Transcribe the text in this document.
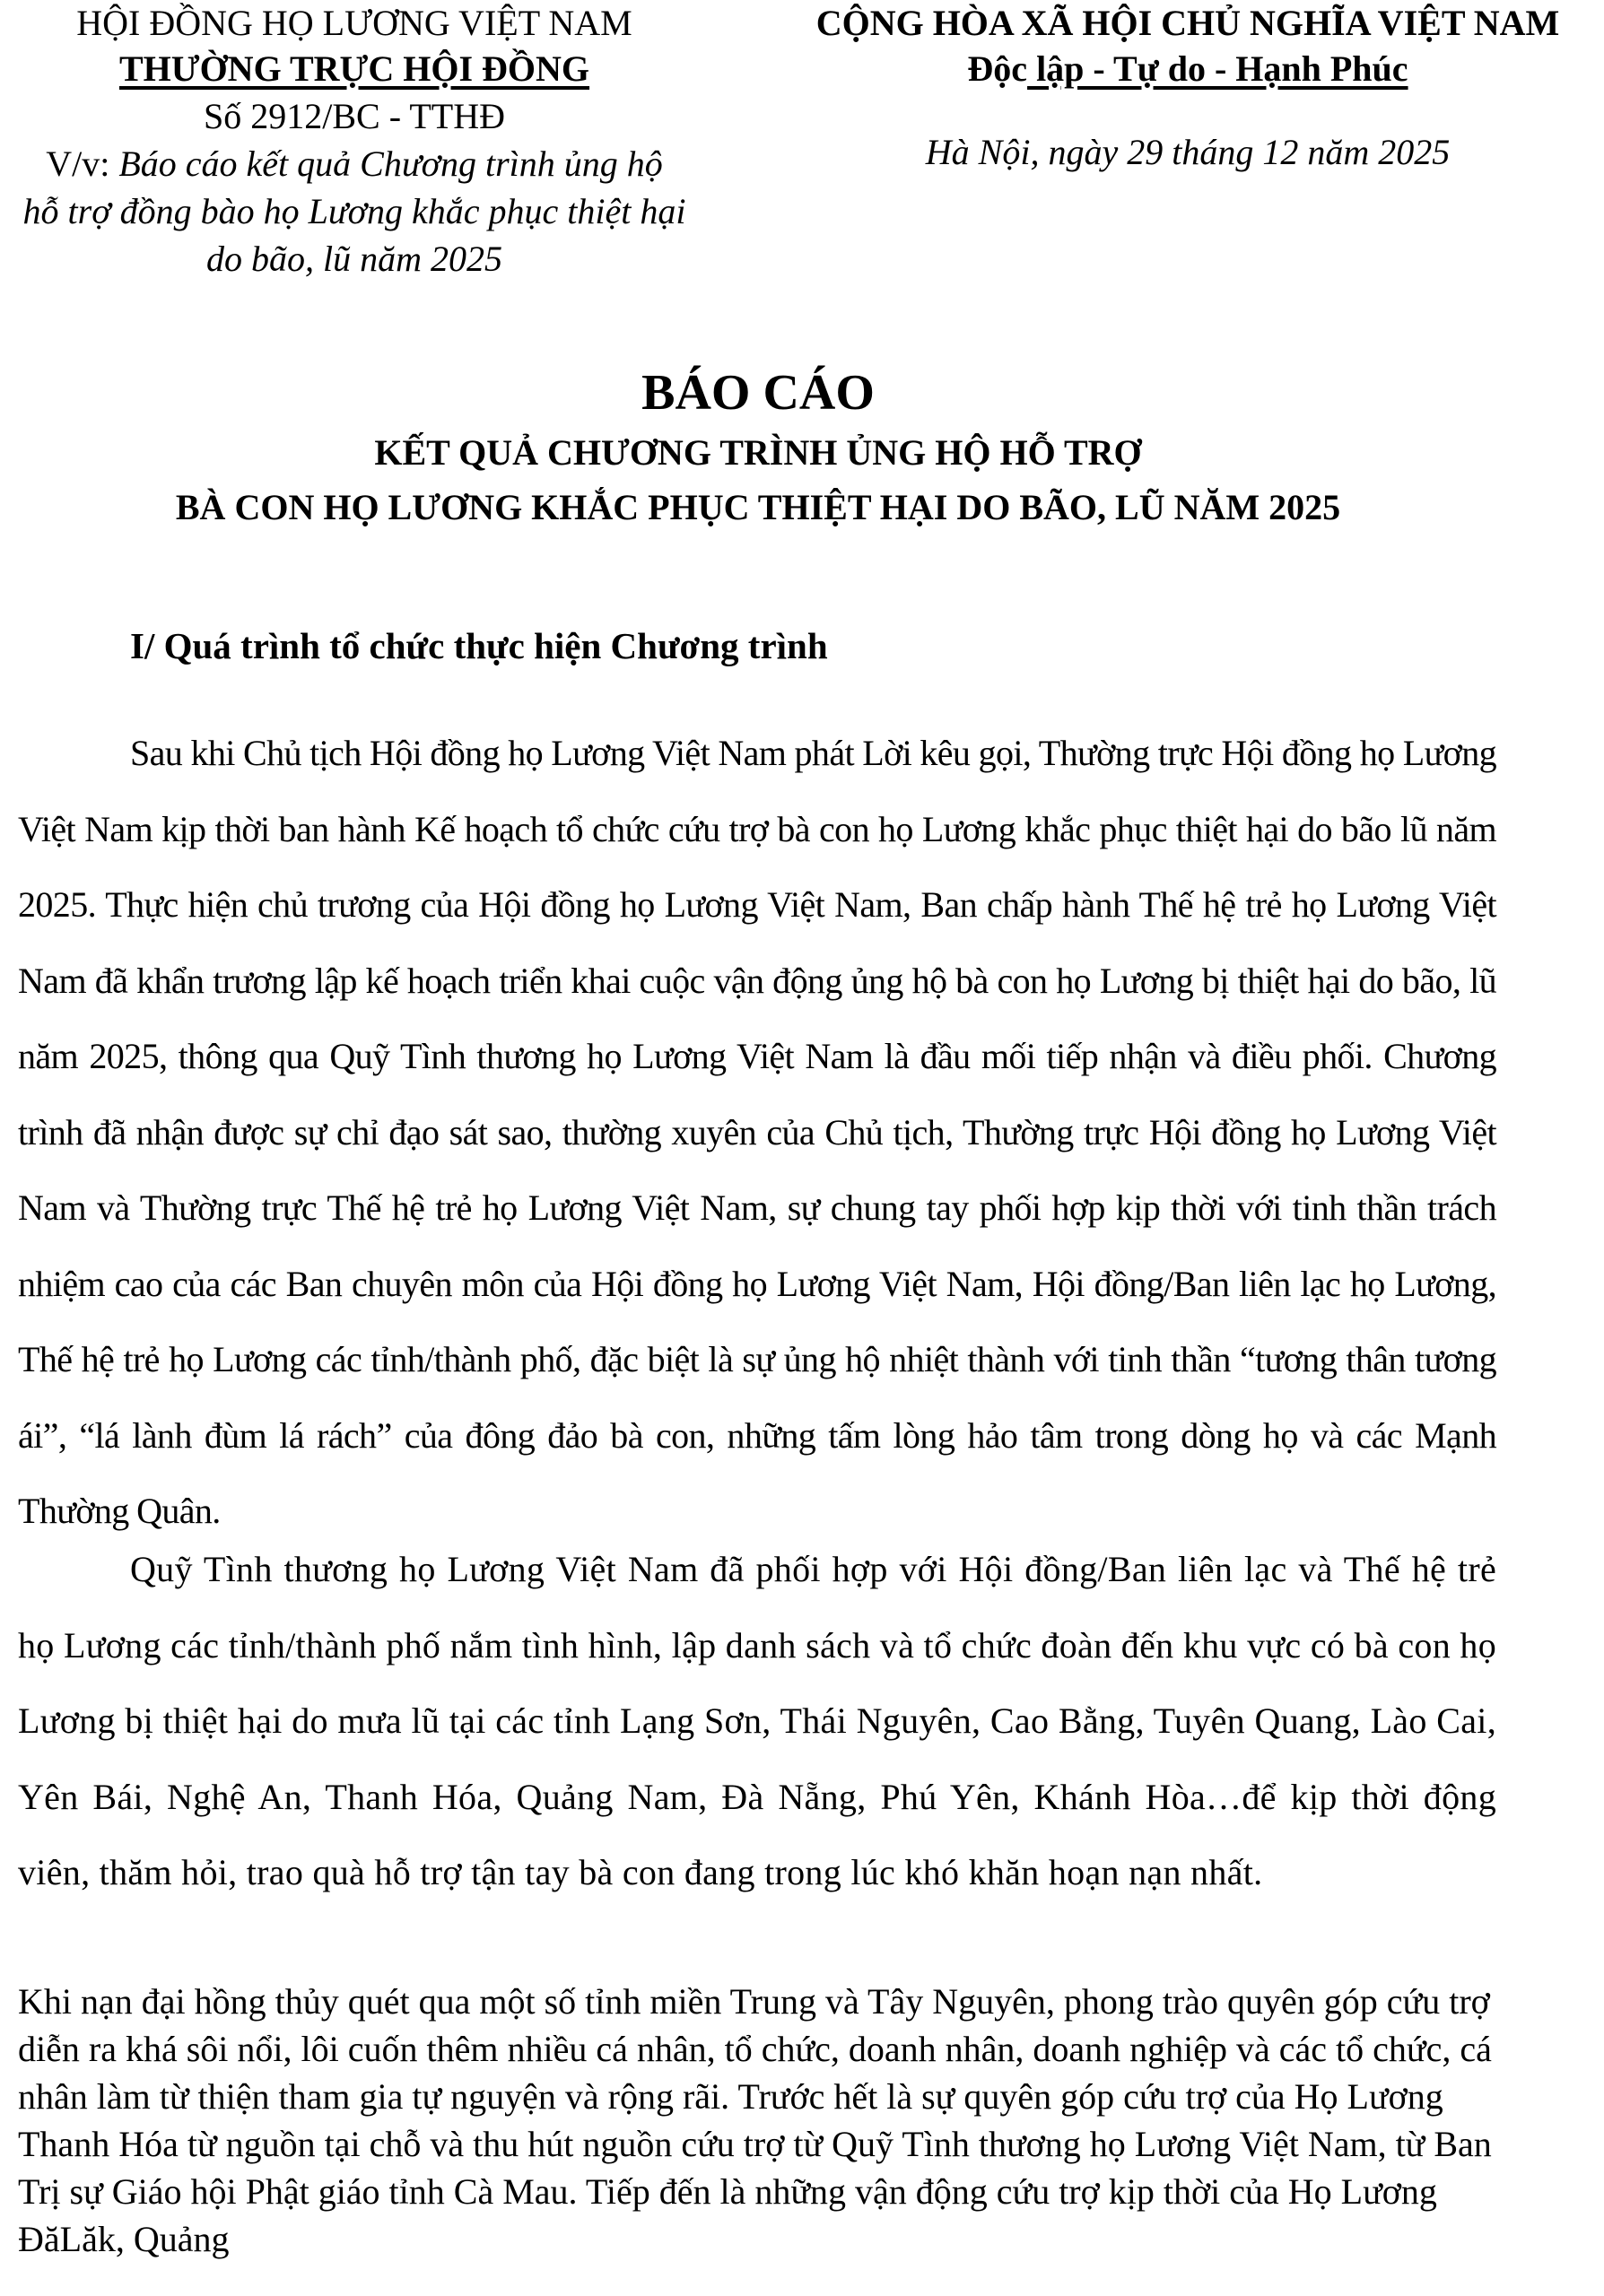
HỘI ĐỒNG HỌ LƯƠNG VIỆT NAM
THƯỜNG TRỰC HỘI ĐỒNG
Số 2912/BC - TTHĐ
V/v: Báo cáo kết quả Chương trình ủng hộ
hỗ trợ đồng bào họ Lương khắc phục thiệt hại
do bão, lũ năm 2025
CỘNG HÒA XÃ HỘI CHỦ NGHĨA VIỆT NAM
Độc lập - Tự do - Hạnh Phúc
Hà Nội, ngày 29 tháng 12 năm 2025
BÁO CÁO
KẾT QUẢ CHƯƠNG TRÌNH ỦNG HỘ HỖ TRỢ
BÀ CON HỌ LƯƠNG KHẮC PHỤC THIỆT HẠI DO BÃO, LŨ NĂM 2025
I/ Quá trình tổ chức thực hiện Chương trình
Sau khi Chủ tịch Hội đồng họ Lương Việt Nam phát Lời kêu gọi, Thường trực Hội đồng họ Lương Việt Nam kịp thời ban hành Kế hoạch tổ chức cứu trợ bà con họ Lương khắc phục thiệt hại do bão lũ năm 2025. Thực hiện chủ trương của Hội đồng họ Lương Việt Nam, Ban chấp hành Thế hệ trẻ họ Lương Việt Nam đã khẩn trương lập kế hoạch triển khai cuộc vận động ủng hộ bà con họ Lương bị thiệt hại do bão, lũ năm 2025, thông qua Quỹ Tình thương họ Lương Việt Nam là đầu mối tiếp nhận và điều phối. Chương trình đã nhận được sự chỉ đạo sát sao, thường xuyên của Chủ tịch, Thường trực Hội đồng họ Lương Việt Nam và Thường trực Thế hệ trẻ họ Lương Việt Nam, sự chung tay phối hợp kịp thời với tinh thần trách nhiệm cao của các Ban chuyên môn của Hội đồng họ Lương Việt Nam, Hội đồng/Ban liên lạc họ Lương, Thế hệ trẻ họ Lương các tỉnh/thành phố, đặc biệt là sự ủng hộ nhiệt thành với tinh thần “tương thân tương ái”, “lá lành đùm lá rách” của đông đảo bà con, những tấm lòng hảo tâm trong dòng họ và các Mạnh Thường Quân.
Quỹ Tình thương họ Lương Việt Nam đã phối hợp với Hội đồng/Ban liên lạc và Thế hệ trẻ họ Lương các tỉnh/thành phố nắm tình hình, lập danh sách và tổ chức đoàn đến khu vực có bà con họ Lương bị thiệt hại do mưa lũ tại các tỉnh Lạng Sơn, Thái Nguyên, Cao Bằng, Tuyên Quang, Lào Cai, Yên Bái, Nghệ An, Thanh Hóa, Quảng Nam, Đà Nẵng, Phú Yên, Khánh Hòa…để kịp thời động viên, thăm hỏi, trao quà hỗ trợ tận tay bà con đang trong lúc khó khăn hoạn nạn nhất.
Khi nạn đại hồng thủy quét qua một số tỉnh miền Trung và Tây Nguyên, phong trào quyên góp cứu trợ diễn ra khá sôi nổi, lôi cuốn thêm nhiều cá nhân, tổ chức, doanh nhân, doanh nghiệp và các tổ chức, cá nhân làm từ thiện tham gia tự nguyện và rộng rãi. Trước hết là sự quyên góp cứu trợ của Họ Lương Thanh Hóa từ nguồn tại chỗ và thu hút nguồn cứu trợ từ Quỹ Tình thương họ Lương Việt Nam, từ Ban Trị sự Giáo hội Phật giáo tỉnh Cà Mau. Tiếp đến là những vận động cứu trợ kịp thời của Họ Lương ĐăLăk, Quảng
